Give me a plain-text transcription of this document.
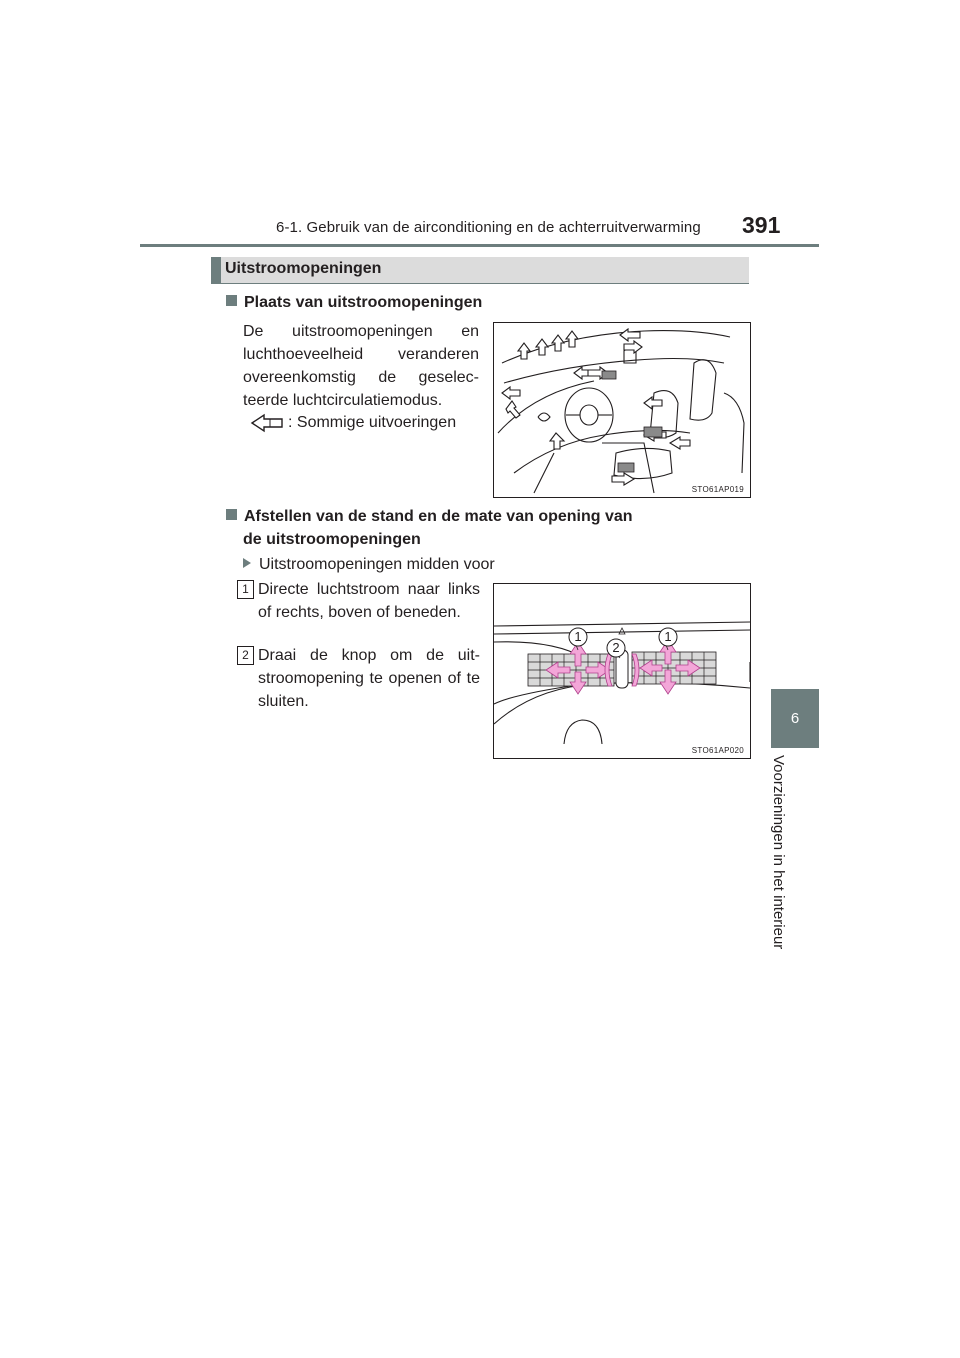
6-1. Gebruik van de airconditioning en de achterruitverwarming 391
6
Voorzieningen in het interieur
Uitstroomopeningen
Plaats van uitstroomopeningen
De uitstroomopeningen en luchthoeveelheid veranderen overeenkomstig de geselec-teerde luchtcirculatiemodus.
: Sommige uitvoeringen
STO61AP019
Afstellen van de stand en de mate van opening van
de uitstroomopeningen
Uitstroomopeningen midden voor
1 Directe luchtstroom naar links of rechts, boven of beneden.
2 Draai de knop om de uit-stroomopening te openen of te sluiten.
1	1
2
STO61AP020
